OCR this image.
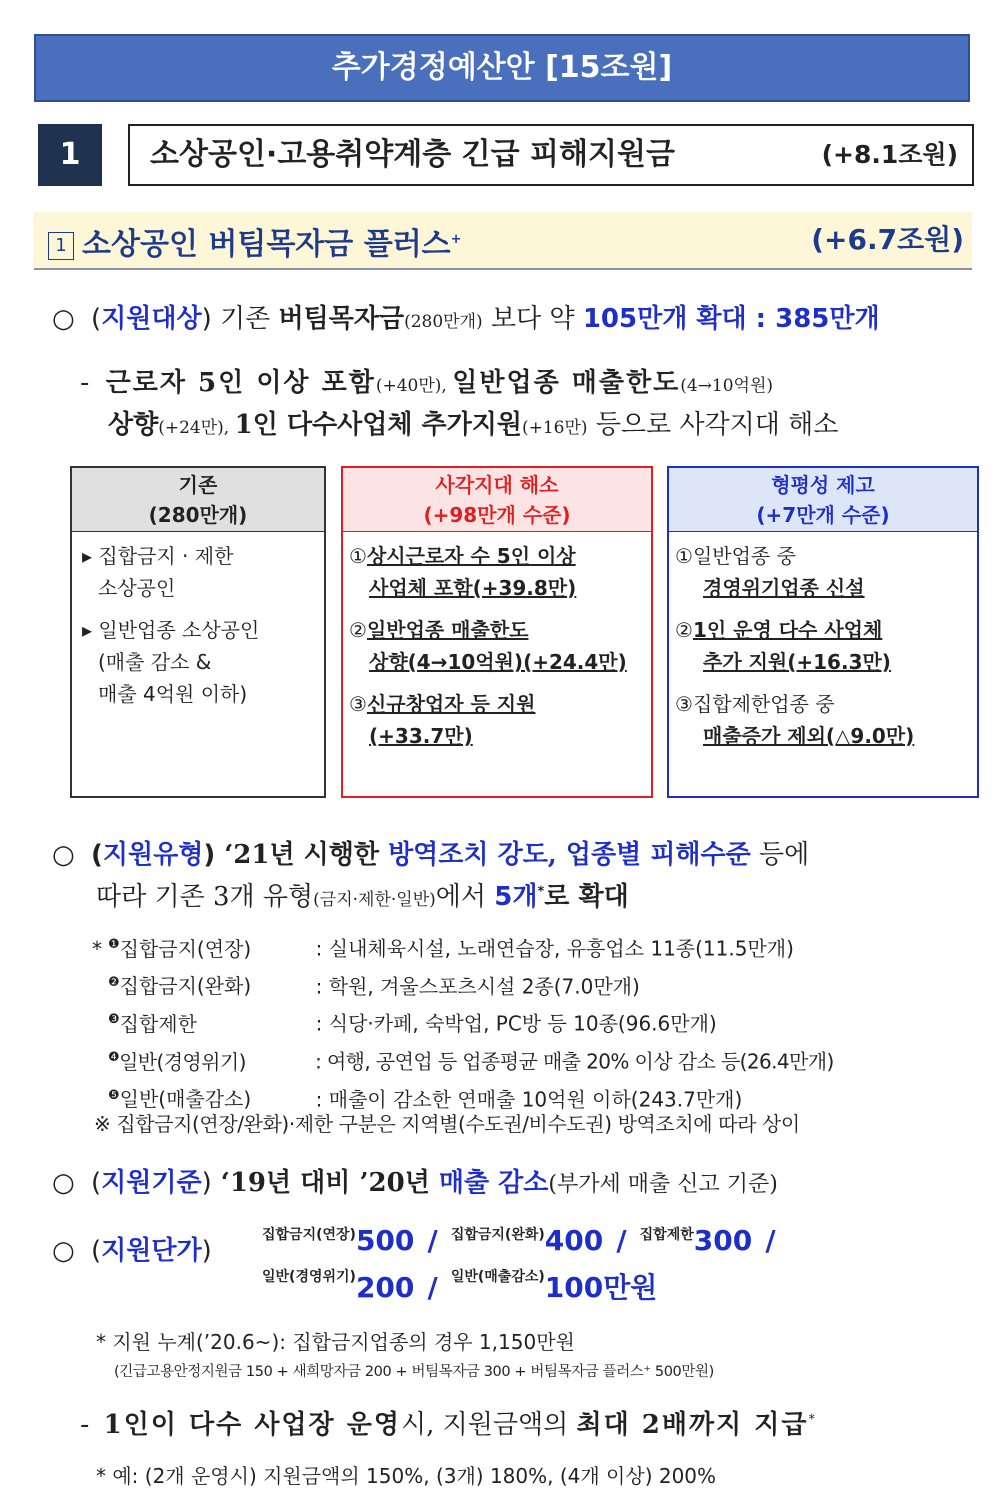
추가경정예산안 [15조원]
1	소상공인·고용취약계층 긴급 피해지원금	(+8.1조원)
1 소상공인 버팀목자금 플러스+	(+6.7조원)
○ (지원대상) 기존 버팀목자금(280만개) 보다 약 105만개 확대 : 385만개
- 근로자 5인 이상 포함(+40만), 일반업종 매출한도(4→10억원)
상향(+24만), 1인 다수사업체 추가지원(+16만) 등으로 사각지대 해소
기존
(280만개)
▸ 집합금지 · 제한
소상공인
▸ 일반업종 소상공인
(매출 감소 &
매출 4억원 이하)
사각지대 해소
(+98만개 수준)
①상시근로자 수 5인 이상
사업체 포함(+39.8만)
②일반업종 매출한도
상향(4→10억원)(+24.4만)
③신규창업자 등 지원
(+33.7만)
형평성 제고
(+7만개 수준)
①일반업종 중
경영위기업종 신설
②1인 운영 다수 사업체
추가 지원(+16.3만)
③집합제한업종 중
매출증가 제외(△9.0만)
○ (지원유형) ‘21년 시행한 방역조치 강도, 업종별 피해수준 등에
따라 기존 3개 유형(금지·제한·일반)에서 5개*로 확대
* $^❶$집합금지(연장)	: 실내체육시설, 노래연습장, 유흥업소 11종(11.5만개)
$^❷$집합금지(완화)	: 학원, 겨울스포츠시설 2종(7.0만개)
$^❸$집합제한	: 식당·카페, 숙박업, PC방 등 10종(96.6만개)
$^❹$일반(경영위기)	: 여행, 공연업 등 업종평균 매출 20% 이상 감소 등(26.4만개)
$^❺$일반(매출감소)	: 매출이 감소한 연매출 10억원 이하(243.7만개)
※ 집합금지(연장/완화)·제한 구분은 지역별(수도권/비수도권) 방역조치에 따라 상이
○ (지원기준) ‘19년 대비 ’20년 매출 감소(부가세 매출 신고 기준)
○ (지원단가)
집합금지(연장)500 / 집합금지(완화)400 / 집합제한300 /
일반(경영위기)200 / 일반(매출감소)100만원
* 지원 누계(’20.6~): 집합금지업종의 경우 1,150만원
(긴급고용안정지원금 150 + 새희망자금 200 + 버팀목자금 300 + 버팀목자금 플러스⁺ 500만원)
- 1인이 다수 사업장 운영시, 지원금액의 최대 2배까지 지급*
* 예: (2개 운영시) 지원금액의 150%, (3개) 180%, (4개 이상) 200%
